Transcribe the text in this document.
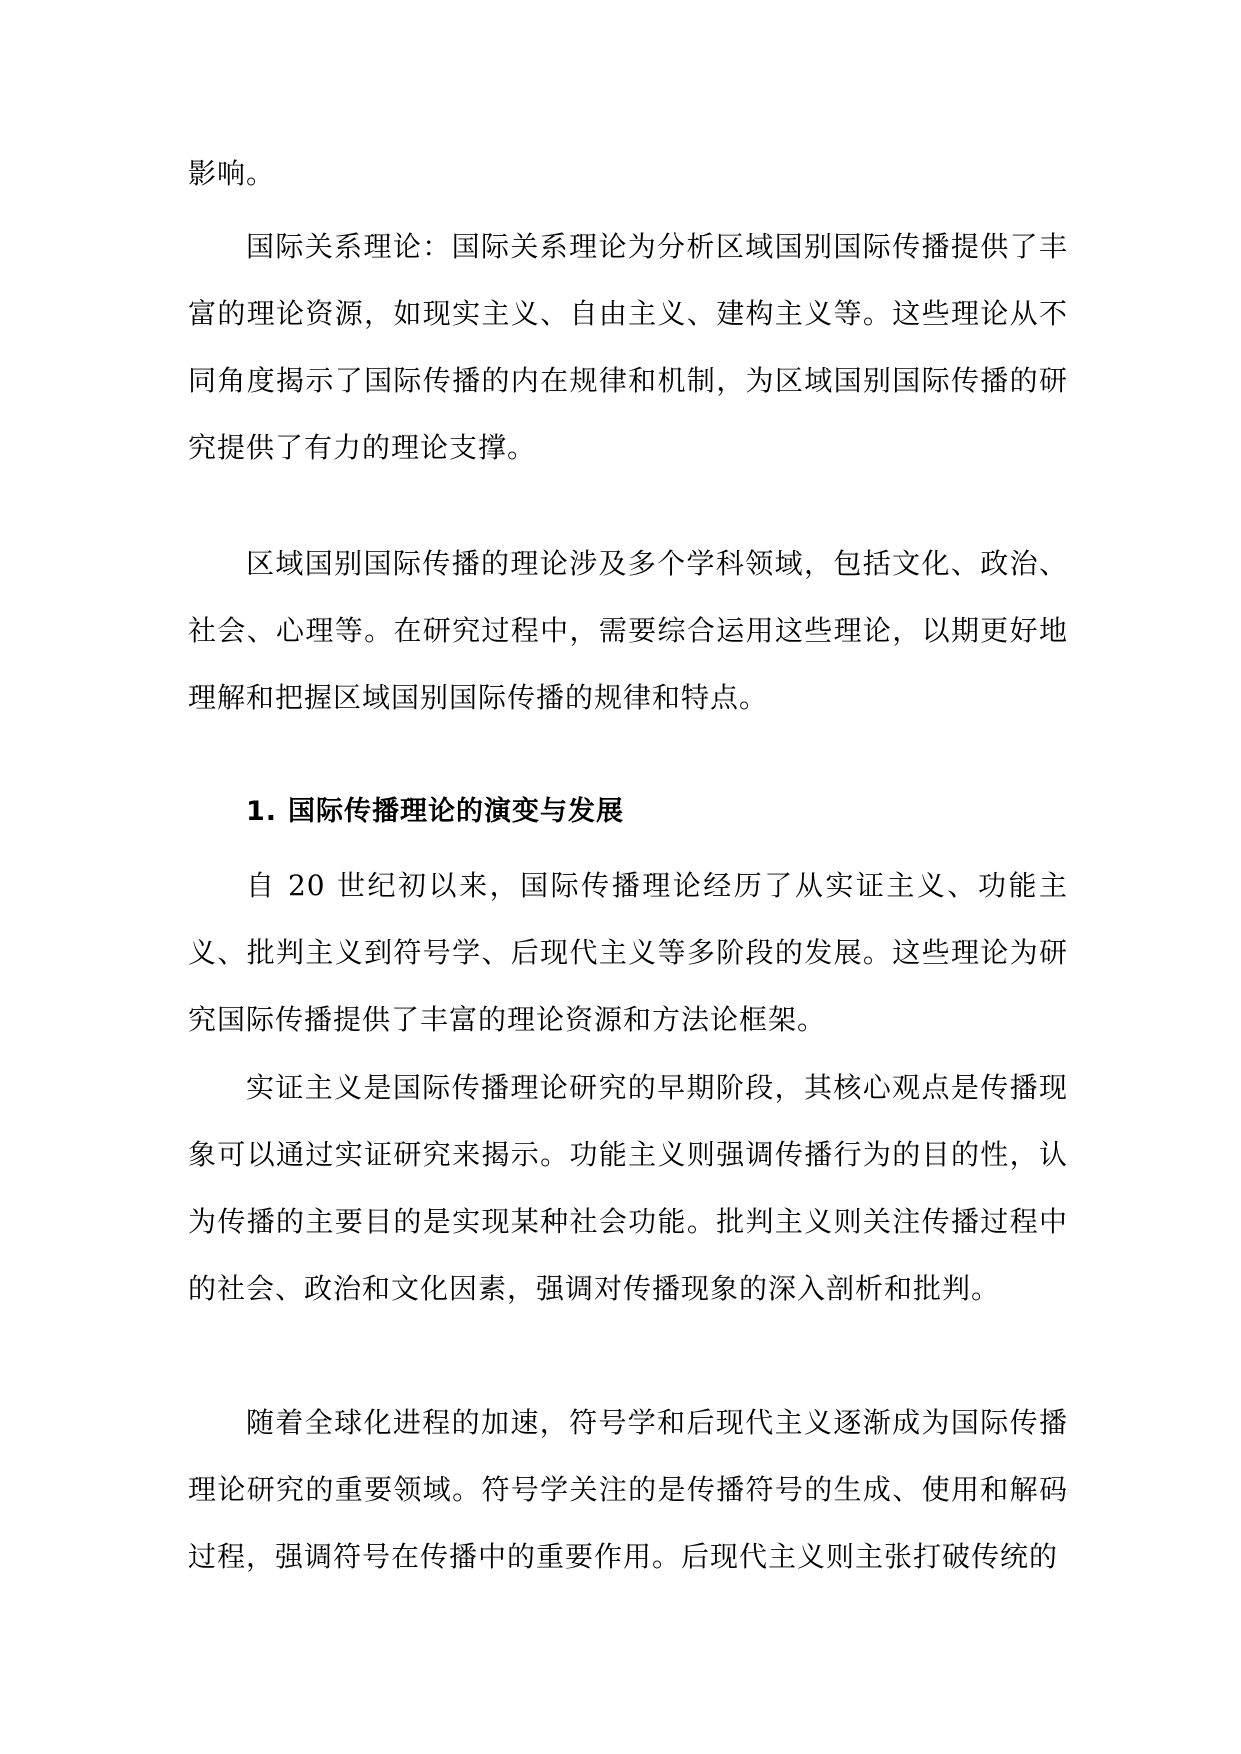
影响。

国际关系理论：国际关系理论为分析区域国别国际传播提供了丰富的理论资源，如现实主义、自由主义、建构主义等。这些理论从不同角度揭示了国际传播的内在规律和机制，为区域国别国际传播的研究提供了有力的理论支撑。

区域国别国际传播的理论涉及多个学科领域，包括文化、政治、社会、心理等。在研究过程中，需要综合运用这些理论，以期更好地理解和把握区域国别国际传播的规律和特点。

1. 国际传播理论的演变与发展

自 20 世纪初以来，国际传播理论经历了从实证主义、功能主义、批判主义到符号学、后现代主义等多阶段的发展。这些理论为研究国际传播提供了丰富的理论资源和方法论框架。

实证主义是国际传播理论研究的早期阶段，其核心观点是传播现象可以通过实证研究来揭示。功能主义则强调传播行为的目的性，认为传播的主要目的是实现某种社会功能。批判主义则关注传播过程中的社会、政治和文化因素，强调对传播现象的深入剖析和批判。

随着全球化进程的加速，符号学和后现代主义逐渐成为国际传播理论研究的重要领域。符号学关注的是传播符号的生成、使用和解码过程，强调符号在传播中的重要作用。后现代主义则主张打破传统的
